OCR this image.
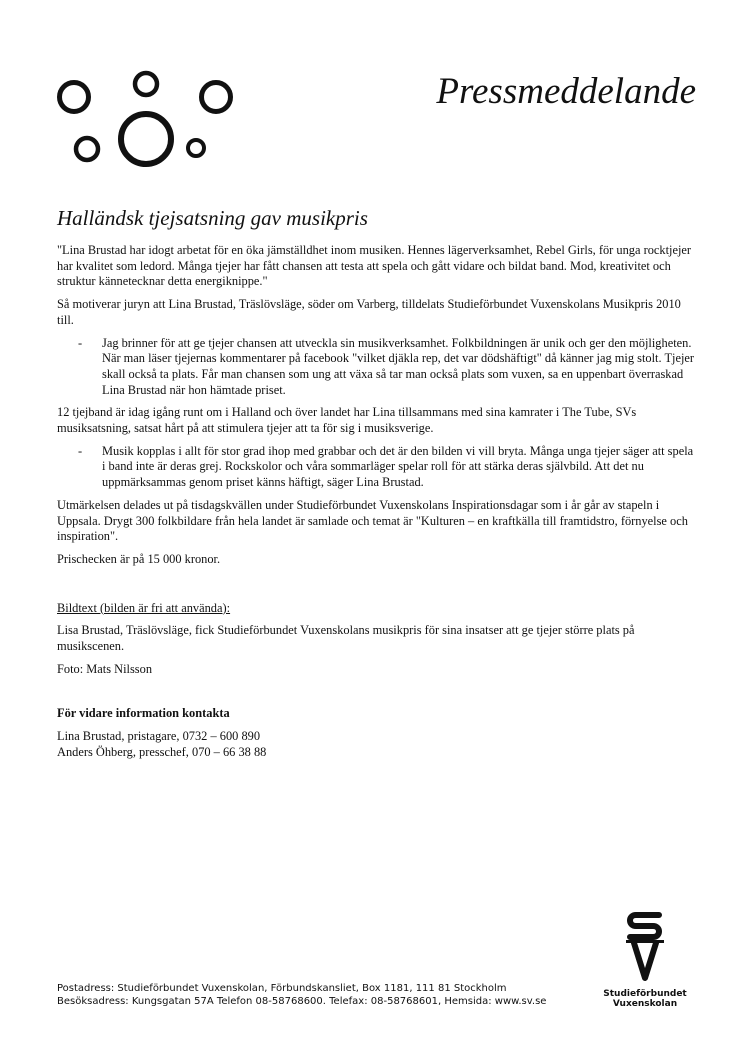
Pressmeddelande
Halländsk tjejsatsning gav musikpris

"Lina Brustad har idogt arbetat för en öka jämställdhet inom musiken. Hennes lägerverksamhet, Rebel Girls, för unga rocktjejer har kvalitet som ledord. Många tjejer har fått chansen att testa att spela och gått vidare och bildat band. Mod, kreativitet och struktur kännetecknar detta energiknippe."

Så motiverar juryn att Lina Brustad, Träslövsläge, söder om Varberg, tilldelats Studieförbundet Vuxenskolans Musikpris 2010 till.

- Jag brinner för att ge tjejer chansen att utveckla sin musikverksamhet. Folkbildningen är unik och ger den möjligheten. När man läser tjejernas kommentarer på facebook "vilket djäkla rep, det var dödshäftigt" då känner jag mig stolt. Tjejer skall också ta plats. Får man chansen som ung att växa så tar man också plats som vuxen, sa en uppenbart överraskad Lina Brustad när hon hämtade priset.

12 tjejband är idag igång runt om i Halland och över landet har Lina tillsammans med sina kamrater i The Tube, SVs musiksatsning, satsat hårt på att stimulera tjejer att ta för sig i musiksverige.

- Musik kopplas i allt för stor grad ihop med grabbar och det är den bilden vi vill bryta. Många unga tjejer säger att spela i band inte är deras grej. Rockskolor och våra sommarläger spelar roll för att stärka deras självbild. Att det nu uppmärksammas genom priset känns häftigt, säger Lina Brustad.

Utmärkelsen delades ut på tisdagskvällen under Studieförbundet Vuxenskolans Inspirationsdagar som i år går av stapeln i Uppsala. Drygt 300 folkbildare från hela landet är samlade och temat är "Kulturen – en kraftkälla till framtidstro, förnyelse och inspiration".

Prischecken är på 15 000 kronor.

Bildtext (bilden är fri att använda):

Lisa Brustad, Träslövsläge, fick Studieförbundet Vuxenskolans musikpris för sina insatser att ge tjejer större plats på musikscenen.

Foto: Mats Nilsson

För vidare information kontakta

Lina Brustad, pristagare, 0732 – 600 890

Anders Öhberg, presschef, 070 – 66 38 88

Studieförbundet
Vuxenskolan
Postadress: Studieförbundet Vuxenskolan, Förbundskansliet, Box 1181, 111 81 Stockholm
Besöksadress: Kungsgatan 57A Telefon 08-58768600. Telefax: 08-58768601, Hemsida: www.sv.se
